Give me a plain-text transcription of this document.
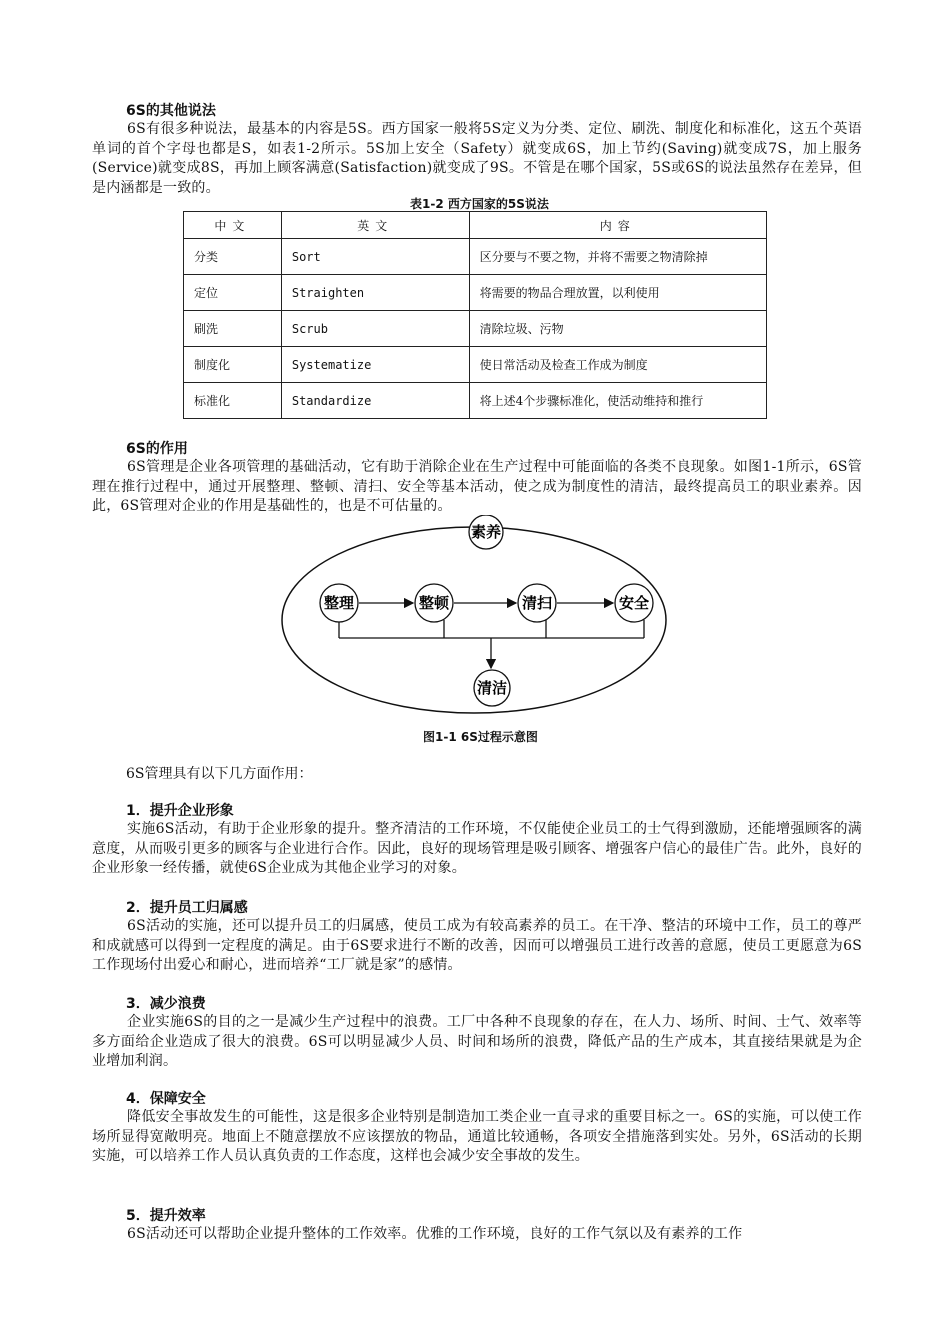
6S的其他说法
6S有很多种说法，最基本的内容是5S。西方国家一般将5S定义为分类、定位、刷洗、制度化和标准化，这五个英语单词的首个字母也都是S，如表1-2所示。5S加上安全（Safety）就变成6S，加上节约(Saving)就变成7S，加上服务(Service)就变成8S，再加上顾客满意(Satisfaction)就变成了9S。不管是在哪个国家，5S或6S的说法虽然存在差异，但是内涵都是一致的。
表1-2 西方国家的5S说法
中文	英文	内容
分类	Sort	区分要与不要之物，并将不需要之物清除掉
定位	Straighten	将需要的物品合理放置，以利使用
刷洗	Scrub	清除垃圾、污物
制度化	Systematize	使日常活动及检查工作成为制度
标准化	Standardize	将上述4个步骤标准化，使活动维持和推行
6S的作用
6S管理是企业各项管理的基础活动，它有助于消除企业在生产过程中可能面临的各类不良现象。如图1-1所示，6S管理在推行过程中，通过开展整理、整顿、清扫、安全等基本活动，使之成为制度性的清洁，最终提高员工的职业素养。因此，6S管理对企业的作用是基础性的，也是不可估量的。
素养
整理	整顿	清扫	安全
清洁
图1-1 6S过程示意图
6S管理具有以下几方面作用：
1．提升企业形象
实施6S活动，有助于企业形象的提升。整齐清洁的工作环境，不仅能使企业员工的士气得到激励，还能增强顾客的满意度，从而吸引更多的顾客与企业进行合作。因此，良好的现场管理是吸引顾客、增强客户信心的最佳广告。此外，良好的企业形象一经传播，就使6S企业成为其他企业学习的对象。
2．提升员工归属感
6S活动的实施，还可以提升员工的归属感，使员工成为有较高素养的员工。在干净、整洁的环境中工作，员工的尊严和成就感可以得到一定程度的满足。由于6S要求进行不断的改善，因而可以增强员工进行改善的意愿，使员工更愿意为6S工作现场付出爱心和耐心，进而培养“工厂就是家”的感情。
3．减少浪费
企业实施6S的目的之一是减少生产过程中的浪费。工厂中各种不良现象的存在，在人力、场所、时间、士气、效率等多方面给企业造成了很大的浪费。6S可以明显减少人员、时间和场所的浪费，降低产品的生产成本，其直接结果就是为企业增加利润。
4．保障安全
降低安全事故发生的可能性，这是很多企业特别是制造加工类企业一直寻求的重要目标之一。6S的实施，可以使工作场所显得宽敞明亮。地面上不随意摆放不应该摆放的物品，通道比较通畅，各项安全措施落到实处。另外，6S活动的长期实施，可以培养工作人员认真负责的工作态度，这样也会减少安全事故的发生。
5．提升效率
6S活动还可以帮助企业提升整体的工作效率。优雅的工作环境，良好的工作气氛以及有素养的工作
